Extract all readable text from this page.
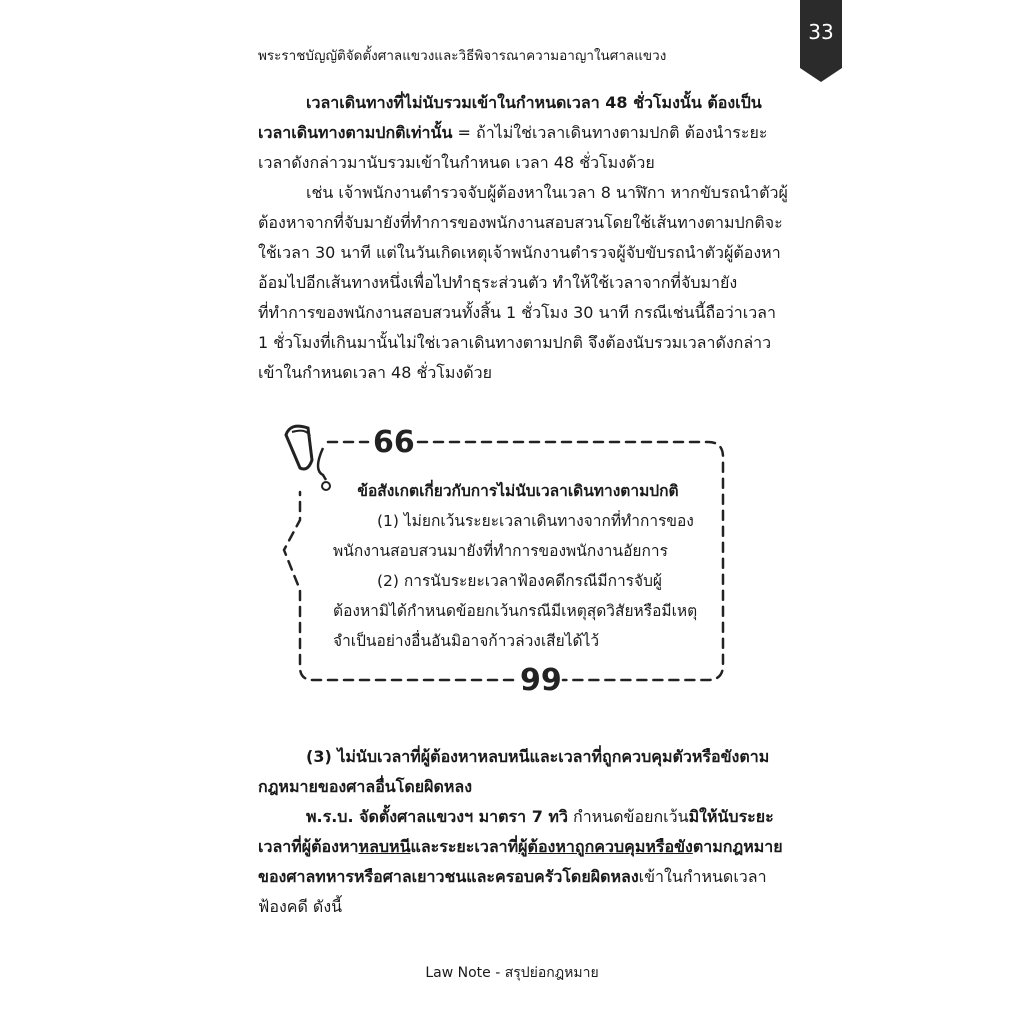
พระราชบัญญัติจัดตั้งศาลแขวงและวิธีพิจารณาความอาญาในศาลแขวง
33
เวลาเดินทางที่ไม่นับรวมเข้าในกำหนดเวลา 48 ชั่วโมงนั้น ต้องเป็นเวลาเดินทางตามปกติเท่านั้น = ถ้าไม่ใช่เวลาเดินทางตามปกติ ต้องนำระยะเวลาดังกล่าวมานับรวมเข้าในกำหนด เวลา 48 ชั่วโมงด้วย
เช่น เจ้าพนักงานตำรวจจับผู้ต้องหาในเวลา 8 นาฬิกา หากขับรถนำตัวผู้ต้องหาจากที่จับมายังที่ทำการของพนักงานสอบสวนโดยใช้เส้นทางตามปกติจะใช้เวลา 30 นาที แต่ในวันเกิดเหตุเจ้าพนักงานตำรวจผู้จับขับรถนำตัวผู้ต้องหาอ้อมไปอีกเส้นทางหนึ่งเพื่อไปทำธุระส่วนตัว ทำให้ใช้เวลาจากที่จับมายังที่ทำการของพนักงานสอบสวนทั้งสิ้น 1 ชั่วโมง 30 นาที กรณีเช่นนี้ถือว่าเวลา 1 ชั่วโมงที่เกินมานั้นไม่ใช่เวลาเดินทางตามปกติ จึงต้องนับรวมเวลาดังกล่าวเข้าในกำหนดเวลา 48 ชั่วโมงด้วย
66
99
ข้อสังเกตเกี่ยวกับการไม่นับเวลาเดินทางตามปกติ
(1) ไม่ยกเว้นระยะเวลาเดินทางจากที่ทำการของพนักงานสอบสวนมายังที่ทำการของพนักงานอัยการ
(2) การนับระยะเวลาฟ้องคดีกรณีมีการจับผู้ต้องหามิได้กำหนดข้อยกเว้นกรณีมีเหตุสุดวิสัยหรือมีเหตุจำเป็นอย่างอื่นอันมิอาจก้าวล่วงเสียได้ไว้
(3) ไม่นับเวลาที่ผู้ต้องหาหลบหนีและเวลาที่ถูกควบคุมตัวหรือขังตามกฎหมายของศาลอื่นโดยผิดหลง
พ.ร.บ. จัดตั้งศาลแขวงฯ มาตรา 7 ทวิ กำหนดข้อยกเว้นมิให้นับระยะเวลาที่ผู้ต้องหาหลบหนีและระยะเวลาที่ผู้ต้องหาถูกควบคุมหรือขังตามกฎหมายของศาลทหารหรือศาลเยาวชนและครอบครัวโดยผิดหลงเข้าในกำหนดเวลาฟ้องคดี ดังนี้
Law Note - สรุปย่อกฎหมาย
